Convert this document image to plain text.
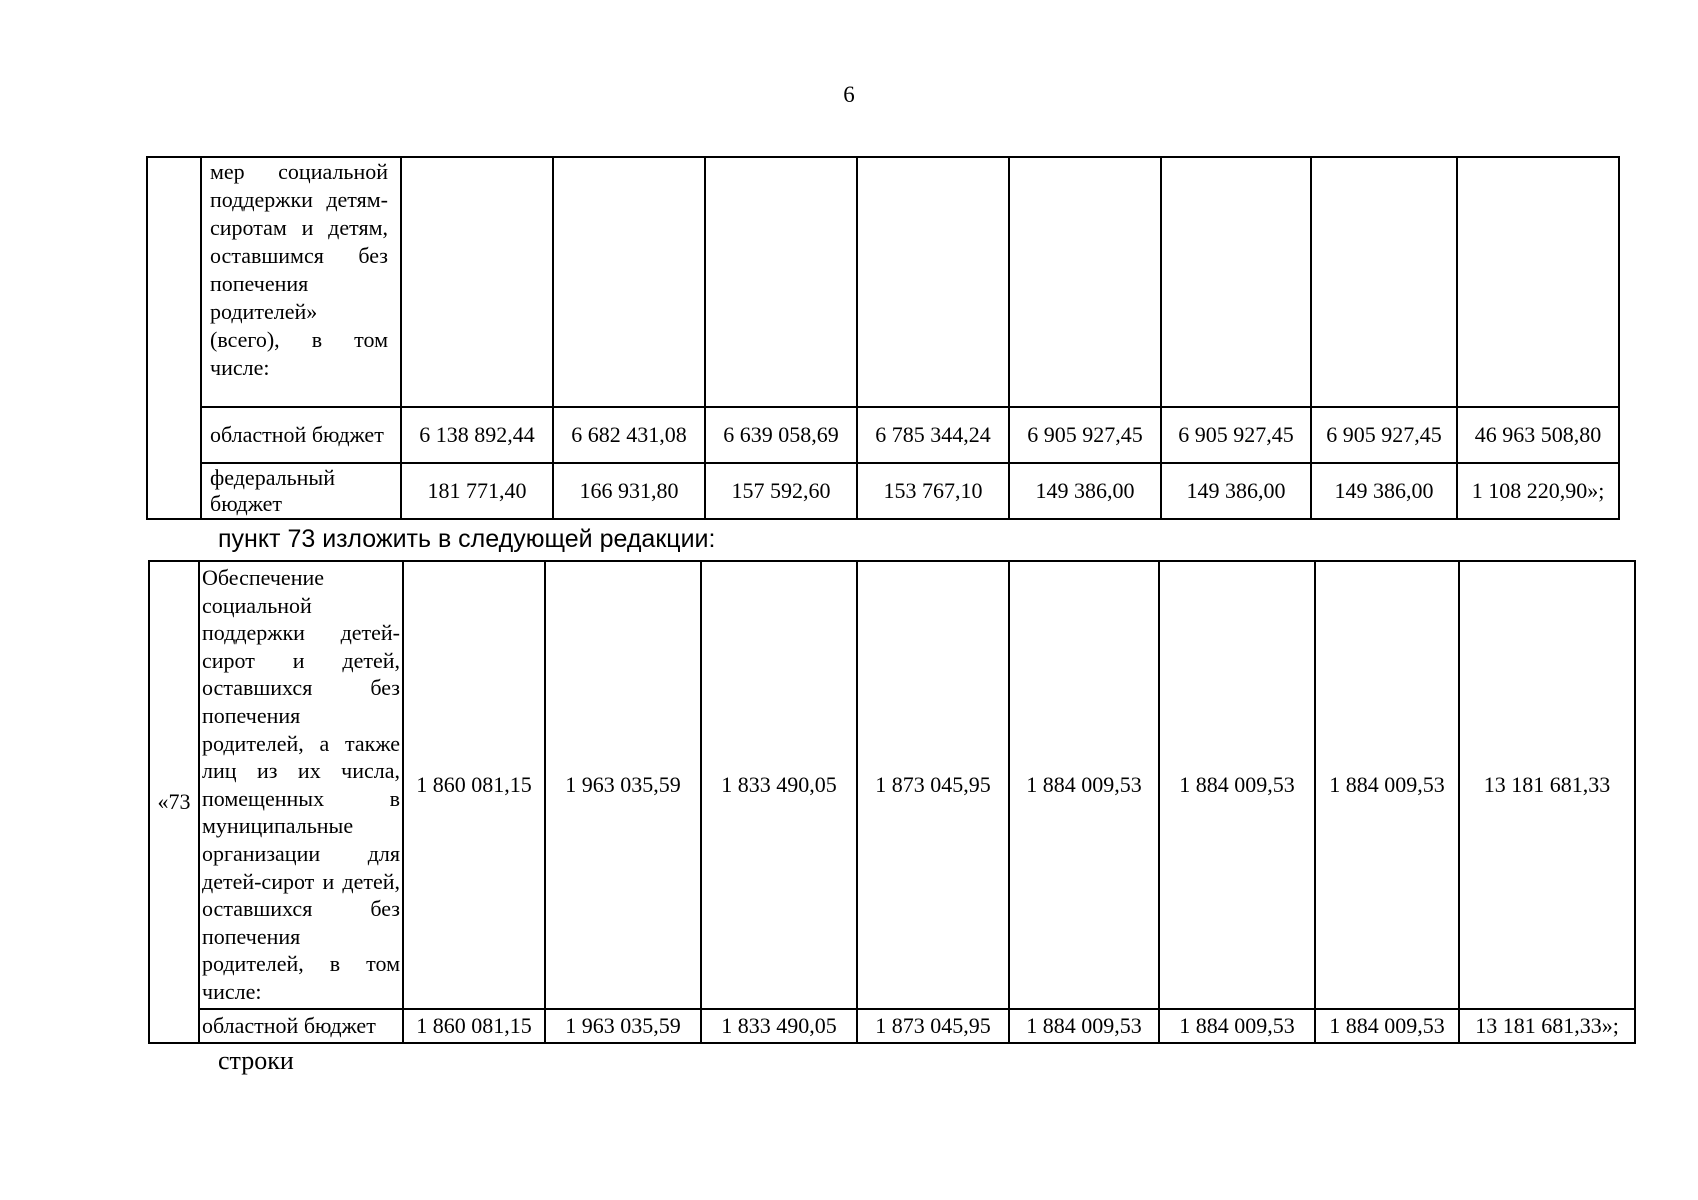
6
	мер социальной поддержки детям-сиротам и детям, оставшимся без попечения родителей» (всего), в том числе:								
	областной бюджет	6 138 892,44	6 682 431,08	6 639 058,69	6 785 344,24	6 905 927,45	6 905 927,45	6 905 927,45	46 963 508,80
	федеральный бюджет	181 771,40	166 931,80	157 592,60	153 767,10	149 386,00	149 386,00	149 386,00	1 108 220,90»;
пункт 73 изложить в следующей редакции:
«73	Обеспечение социальной поддержки детей-сирот и детей, оставшихся без попечения родителей, а также лиц из их числа, помещенных в муниципальные организации для детей-сирот и детей, оставшихся без попечения родителей, в том числе:	1 860 081,15	1 963 035,59	1 833 490,05	1 873 045,95	1 884 009,53	1 884 009,53	1 884 009,53	13 181 681,33
	областной бюджет	1 860 081,15	1 963 035,59	1 833 490,05	1 873 045,95	1 884 009,53	1 884 009,53	1 884 009,53	13 181 681,33»;
строки
